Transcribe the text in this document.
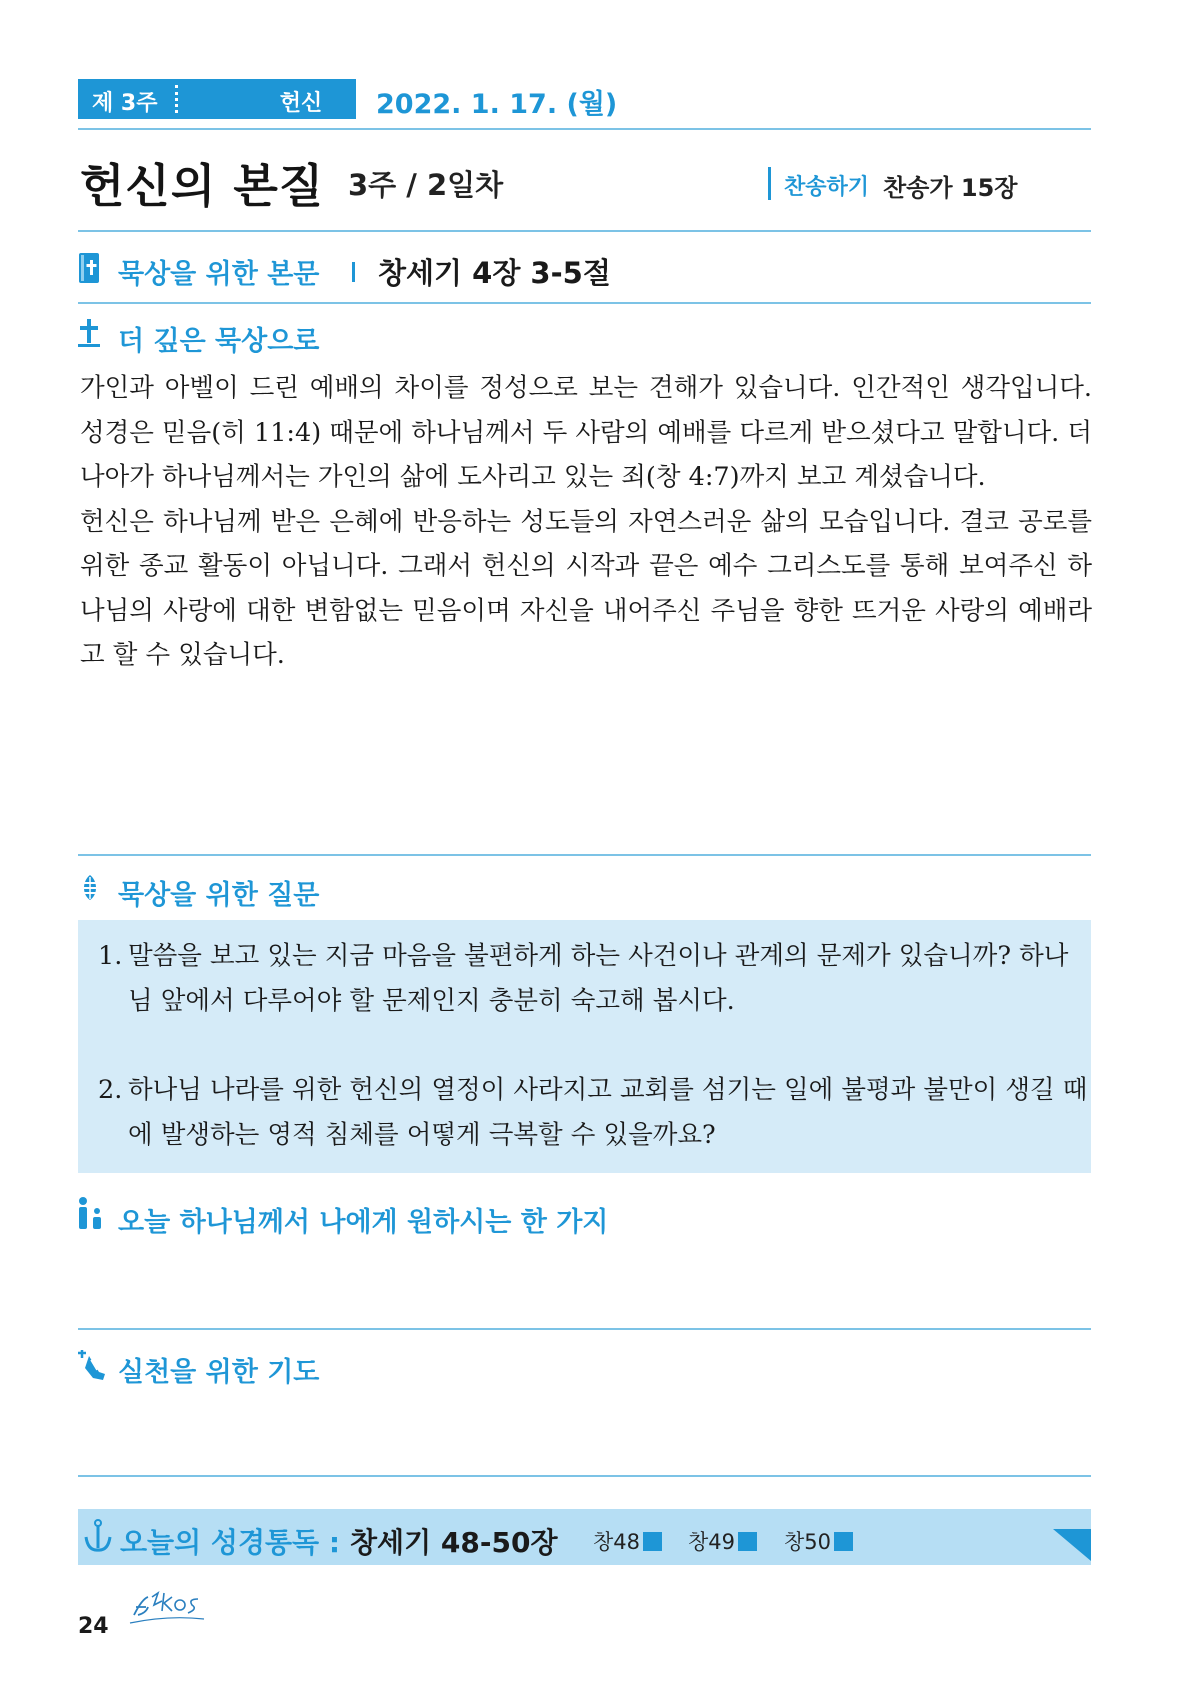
제 3주	헌신	2022. 1. 17. (월)
헌신의 본질 3주 / 2일차	찬송하기 찬송가 15장
묵상을 위한 본문 창세기 4장 3-5절
더 깊은 묵상으로

가인과 아벨이 드린 예배의 차이를 정성으로 보는 견해가 있습니다. 인간적인 생각입니다. 성경은 믿음(히 11:4) 때문에 하나님께서 두 사람의 예배를 다르게 받으셨다고 말합니다. 더 나아가 하나님께서는 가인의 삶에 도사리고 있는 죄(창 4:7)까지 보고 계셨습니다.

헌신은 하나님께 받은 은혜에 반응하는 성도들의 자연스러운 삶의 모습입니다. 결코 공로를 위한 종교 활동이 아닙니다. 그래서 헌신의 시작과 끝은 예수 그리스도를 통해 보여주신 하나님의 사랑에 대한 변함없는 믿음이며 자신을 내어주신 주님을 향한 뜨거운 사랑의 예배라고 할 수 있습니다.

묵상을 위한 질문
1. 말씀을 보고 있는 지금 마음을 불편하게 하는 사건이나 관계의 문제가 있습니까? 하나님 앞에서 다루어야 할 문제인지 충분히 숙고해 봅시다.
2. 하나님 나라를 위한 헌신의 열정이 사라지고 교회를 섬기는 일에 불평과 불만이 생길 때에 발생하는 영적 침체를 어떻게 극복할 수 있을까요?
오늘 하나님께서 나에게 원하시는 한 가지
실천을 위한 기도
오늘의 성경통독 : 창세기 48-50장 창48	창49	창50
24
